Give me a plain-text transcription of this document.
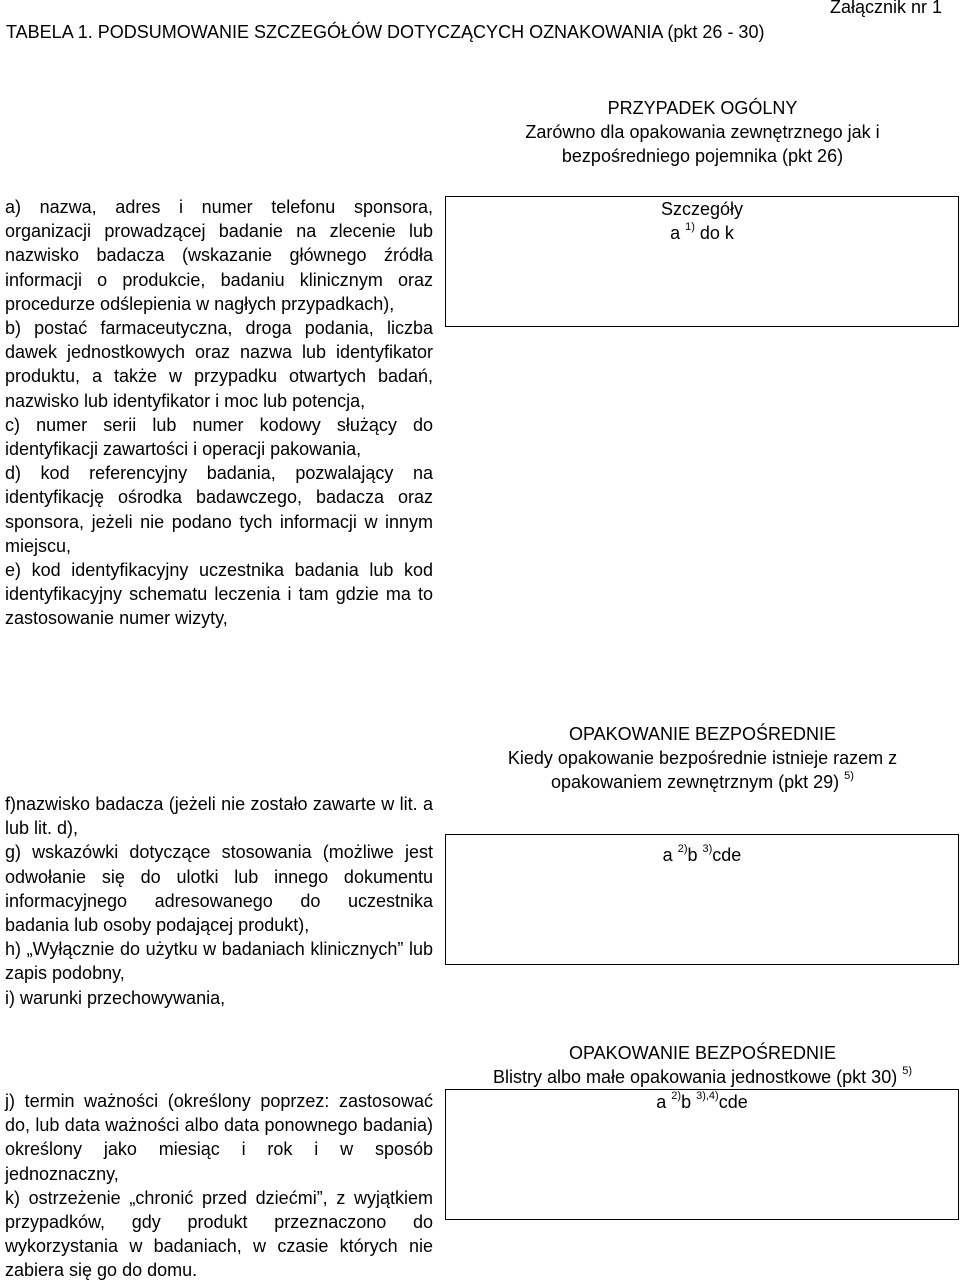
Załącznik nr 1
TABELA 1. PODSUMOWANIE SZCZEGÓŁÓW DOTYCZĄCYCH OZNAKOWANIA (pkt 26 - 30)
PRZYPADEK OGÓLNY
Zarówno dla opakowania zewnętrznego jak i
bezpośredniego pojemnika (pkt 26)

a) nazwa, adres i numer telefonu sponsora, organizacji prowadzącej badanie na zlecenie lub nazwisko badacza (wskazanie głównego źródła informacji o produkcie, badaniu klinicznym oraz procedurze odślepienia w nagłych przypadkach),

b) postać farmaceutyczna, droga podania, liczba dawek jednostkowych oraz nazwa lub identyfikator produktu, a także w przypadku otwartych badań, nazwisko lub identyfikator i moc lub potencja,

c) numer serii lub numer kodowy służący do identyfikacji zawartości i operacji pakowania,

d) kod referencyjny badania, pozwalający na identyfikację ośrodka badawczego, badacza oraz sponsora, jeżeli nie podano tych informacji w innym miejscu,

e) kod identyfikacyjny uczestnika badania lub kod identyfikacyjny schematu leczenia i tam gdzie ma to zastosowanie numer wizyty,

Szczegóły
a $^{1)}$ do k
OPAKOWANIE BEZPOŚREDNIE
Kiedy opakowanie bezpośrednie istnieje razem z
opakowaniem zewnętrznym (pkt 29) $^{5)}$

f)nazwisko badacza (jeżeli nie zostało zawarte w lit. a lub lit. d),

g) wskazówki dotyczące stosowania (możliwe jest odwołanie się do ulotki lub innego dokumentu informacyjnego adresowanego do uczestnika badania lub osoby podającej produkt),

h) „Wyłącznie do użytku w badaniach klinicznych” lub zapis podobny,

i) warunki przechowywania,

a $^{2)}$b $^{3)}$cde
OPAKOWANIE BEZPOŚREDNIE
Blistry albo małe opakowania jednostkowe (pkt 30) $^{5)}$

j) termin ważności (określony poprzez: zastosować do, lub data ważności albo data ponownego badania) określony jako miesiąc i rok i w sposób jednoznaczny,

k) ostrzeżenie „chronić przed dziećmi”, z wyjątkiem przypadków, gdy produkt przeznaczono do wykorzystania w badaniach, w czasie których nie zabiera się go do domu.

a $^{2)}$b $^{3),4)}$cde
